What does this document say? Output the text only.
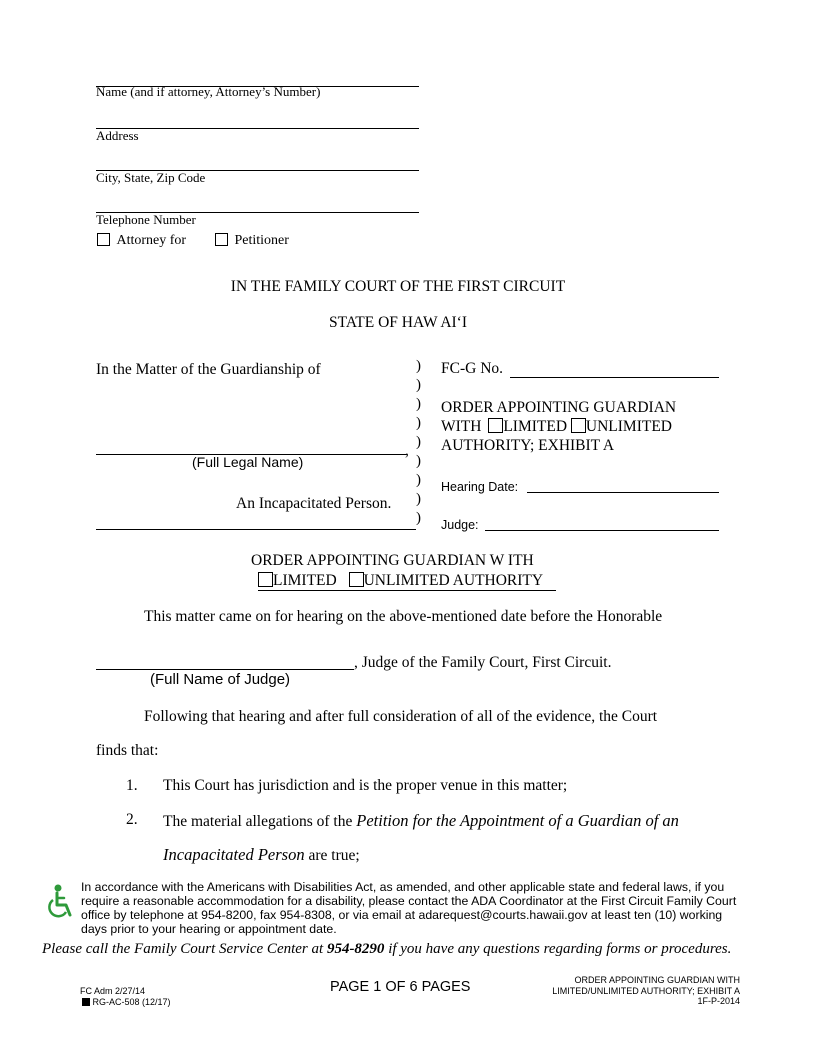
Name (and if attorney, Attorney’s Number)
Address
City, State, Zip Code
Telephone Number
Attorney for	Petitioner
IN THE FAMILY COURT OF THE FIRST CIRCUIT
STATE OF HAW AIʻI
In the Matter of the Guardianship of
,
(Full Legal Name)
An Incapacitated Person.
)
)
)
)
)
)
)
)
)
FC-G No.
ORDER APPOINTING GUARDIAN
WITH LIMITED UNLIMITED
AUTHORITY; EXHIBIT A
Hearing Date:
Judge:
ORDER APPOINTING GUARDIAN W ITH
LIMITED UNLIMITED AUTHORITY
This matter came on for hearing on the above-mentioned date before the Honorable
, Judge of the Family Court, First Circuit.
(Full Name of Judge)
Following that hearing and after full consideration of all of the evidence, the Court
finds that:
1. This Court has jurisdiction and is the proper venue in this matter;
2. The material allegations of the Petition for the Appointment of a Guardian of an
Incapacitated Person are true;
In accordance with the Americans with Disabilities Act, as amended, and other applicable state and federal laws, if you
require a reasonable accommodation for a disability, please contact the ADA Coordinator at the First Circuit Family Court
office by telephone at 954-8200, fax 954-8308, or via email at adarequest@courts.hawaii.gov at least ten (10) working
days prior to your hearing or appointment date.
Please call the Family Court Service Center at 954-8290 if you have any questions regarding forms or procedures.
FC Adm 2/27/14
RG-AC-508 (12/17)
PAGE 1 OF 6 PAGES	ORDER APPOINTING GUARDIAN WITH
LIMITED/UNLIMITED AUTHORITY; EXHIBIT A
1F-P-2014
